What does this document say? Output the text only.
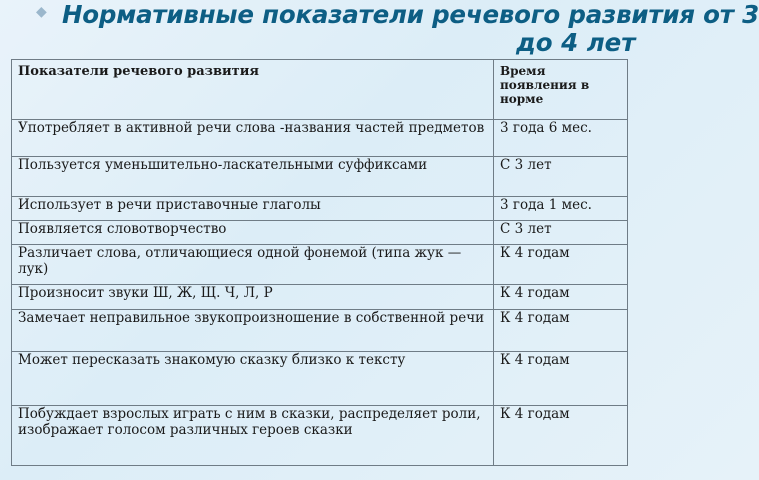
◆ Нормативные показатели речевого развития от 3
до 4 лет
Показатели речевого развития	Время появления в норме
Употребляет в активной речи слова -названия частей предметов	3 года 6 мес.
Пользуется уменьшительно-ласкательными суффиксами	С 3 лет
Использует в речи приставочные глаголы	3 года 1 мес.
Появляется словотворчество	С 3 лет
Различает слова, отличающиеся одной фонемой (типа жук — лук)	К 4 годам
Произносит звуки Ш, Ж, Щ. Ч, Л, Р	К 4 годам
Замечает неправильное звукопроизношение в собственной речи	К 4 годам
Может пересказать знакомую сказку близко к тексту	К 4 годам
Побуждает взрослых играть с ним в сказки, распределяет роли, изображает голосом различных героев сказки	К 4 годам
